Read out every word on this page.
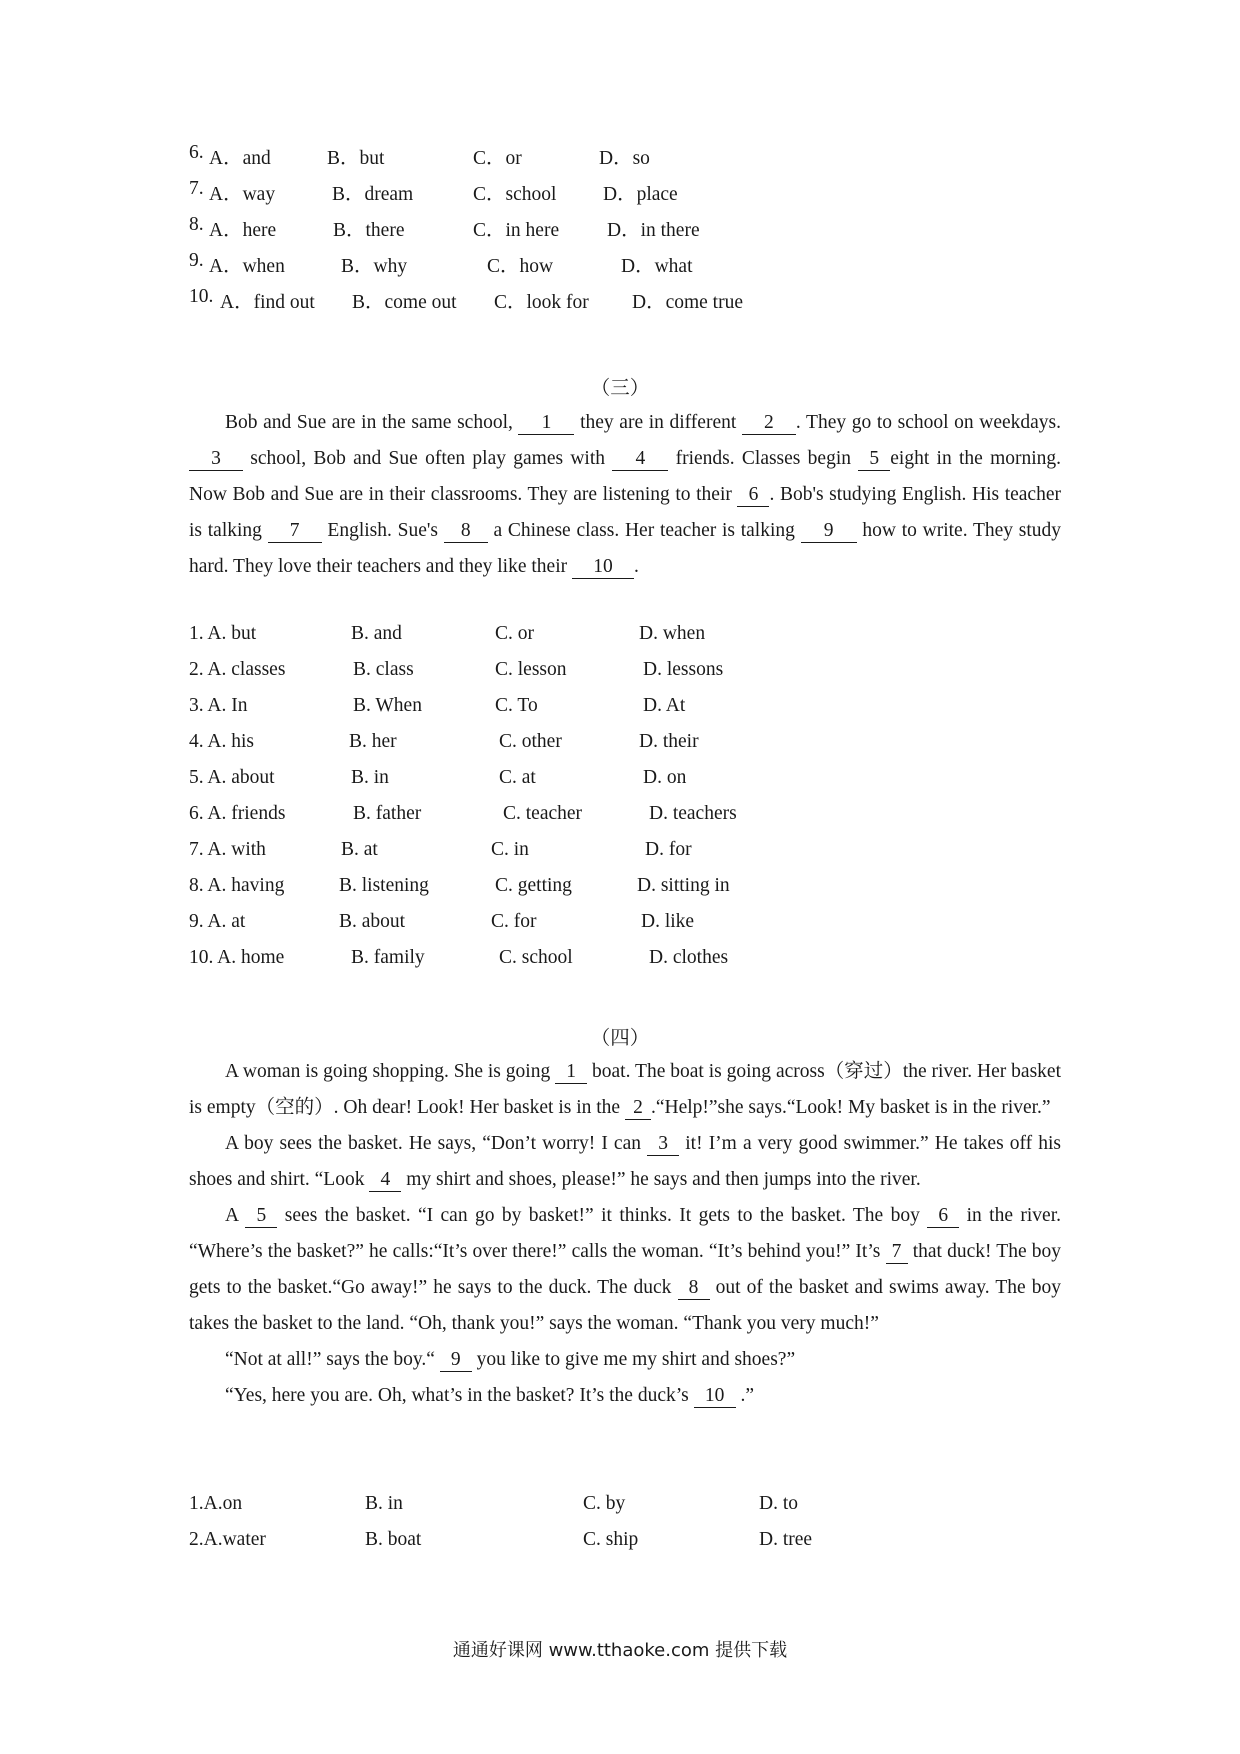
6. A．and	B．but	C．or	D．so
7. A．way	B．dream	C．school D．place
8. A．here	B．there	C．in here D．in there
9. A．when	B．why	C．how	D．what
10. A．find out B．come out C．look for D．come true
（三）

Bob and Sue are in the same school, 1 they are in different 2 . They go to school on weekdays. 3 school, Bob and Sue often play games with 4 friends. Classes begin 5 eight in the morning. Now Bob and Sue are in their classrooms. They are listening to their 6 . Bob's studying English. His teacher is talking 7 English. Sue's 8 a Chinese class. Her teacher is talking 9 how to write. They study hard. They love their teachers and they like their 10 .

1. A. but	B. and	C. or	D. when
2. A. classes	B. class	C. lesson	D. lessons
3. A. In	B. When	C. To	D. At
4. A. his	B. her	C. other	D. their
5. A. about	B. in	C. at	D. on
6. A. friends	B. father	C. teacher	D. teachers
7. A. with	B. at	C. in	D. for
8. A. having	B. listening	C. getting	D. sitting in
9. A. at	B. about	C. for	D. like
10. A. home	B. family	C. school	D. clothes
（四）

A woman is going shopping. She is going 1 boat. The boat is going across（穿过）the river. Her basket is empty（空的）. Oh dear! Look! Her basket is in the 2 .“Help!”she says.“Look! My basket is in the river.”

A boy sees the basket. He says, “Don’t worry! I can 3 it! I’m a very good swimmer.” He takes off his shoes and shirt. “Look 4 my shirt and shoes, please!” he says and then jumps into the river.

A 5 sees the basket. “I can go by basket!” it thinks. It gets to the basket. The boy 6 in the river. “Where’s the basket?” he calls:“It’s over there!” calls the woman. “It’s behind you!” It’s 7 that duck! The boy gets to the basket.“Go away!” he says to the duck. The duck 8 out of the basket and swims away. The boy takes the basket to the land. “Oh, thank you!” says the woman. “Thank you very much!”

“Not at all!” says the boy.“ 9 you like to give me my shirt and shoes?”

“Yes, here you are. Oh, what’s in the basket? It’s the duck’s 10 .”

1.A.on	B. in	C. by	D. to
2.A.water	B. boat	C. ship	D. tree
通通好课网 www.tthaoke.com 提供下载
